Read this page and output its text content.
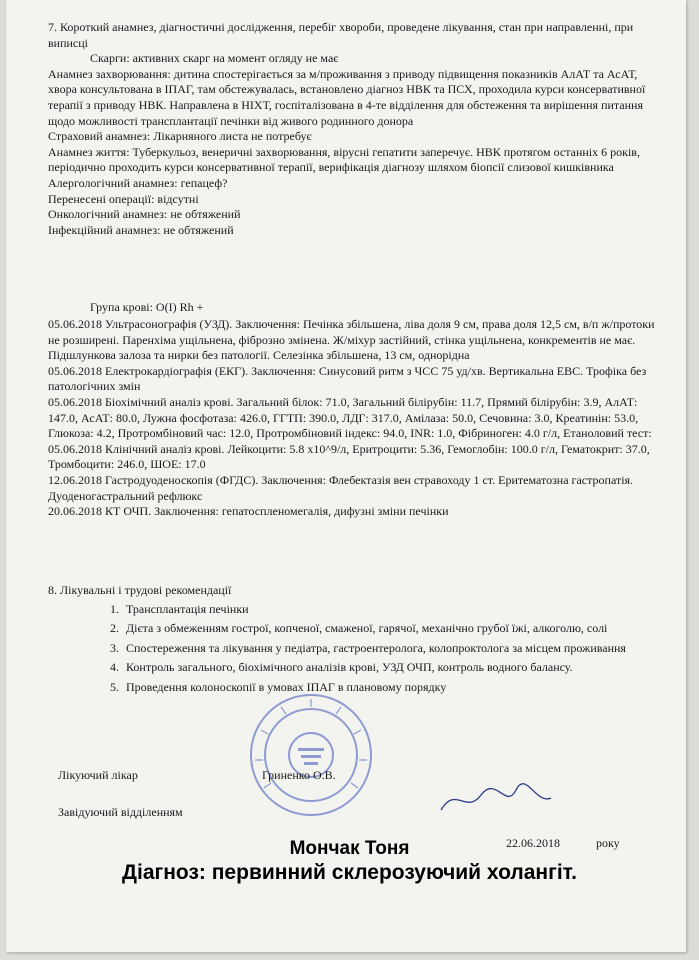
7. Короткий анамнез, діагностичні дослідження, перебіг хвороби, проведене лікування, стан при направленні, при виписці

Скарги: активних скарг на момент огляду не має

Анамнез захворювання: дитина спостерігається за м/проживання з приводу підвищення показників АлАТ та АсАТ, хвора консультована в ІПАГ, там обстежувалась, встановлено діагноз НВК та ПСХ, проходила курси консервативної терапії з приводу НВК. Направлена в НІХТ, госпіталізована в 4-те відділення для обстеження та вирішення питання щодо можливості трансплантації печінки від живого родинного донора

Страховий анамнез: Лікарняного листа не потребує

Анамнез життя: Туберкульоз, венеричні захворювання, вірусні гепатити заперечує. НВК протягом останніх 6 років, періодично проходить курси консервативної терапії, верифікація діагнозу шляхом біопсії слизової кишківника

Алергологічний анамнез: гепацеф?

Перенесені операції: відсутні

Онкологічний анамнез: не обтяжений

Інфекційний анамнез: не обтяжений

Група крові: O(I) Rh +

05.06.2018 Ультрасонографія (УЗД). Заключення: Печінка збільшена, ліва доля 9 см, права доля 12,5 см, в/п ж/протоки не розширені. Паренхіма ущільнена, фіброзно змінена. Ж/міхур застійний, стінка ущільнена, конкрементів не має. Підшлункова залоза та нирки без патології. Селезінка збільшена, 13 см, однорідна

05.06.2018 Електрокардіографія (ЕКГ). Заключення: Синусовий ритм з ЧСС 75 уд/хв. Вертикальна ЕВС. Трофіка без патологічних змін

05.06.2018 Біохімічний аналіз крові. Загальний білок: 71.0, Загальний білірубін: 11.7, Прямий білірубін: 3.9, АлАТ: 147.0, АсАТ: 80.0, Лужна фосфотаза: 426.0, ГГТП: 390.0, ЛДГ: 317.0, Амілаза: 50.0, Сечовина: 3.0, Креатинін: 53.0, Глюкоза: 4.2, Протромбіновий час: 12.0, Протромбіновий індекс: 94.0, INR: 1.0, Фібриноген: 4.0 г/л, Етаноловий тест:

05.06.2018 Клінічний аналіз крові. Лейкоцити: 5.8 x10^9/л, Еритроцити: 5.36, Гемоглобін: 100.0 г/л, Гематокрит: 37.0, Тромбоцити: 246.0, ШОЕ: 17.0

12.06.2018 Гастродуоденоскопія (ФГДС). Заключення: Флебектазія вен стравоходу 1 ст. Еритематозна гастропатія. Дуоденогастральний рефлюкс

20.06.2018 КТ ОЧП. Заключення: гепатоспленомегалія, дифузні зміни печінки

8. Лікувальні і трудові рекомендації

1. Трансплантація печінки
2. Дієта з обмеженням гострої, копченої, смаженої, гарячої, механічно грубої їжі, алкоголю, солі
3. Спостереження та лікування у педіатра, гастроентеролога, колопроктолога за місцем проживання
4. Контроль загального, біохімічного аналізів крові, УЗД ОЧП, контроль водного балансу.
5. Проведення колоноскопії в умовах ІПАГ в плановому порядку
Лікуючий лікар	Гриненко О.В.
Завідуючий відділенням
22.06.2018	року
Мончак Тоня
Діагноз: первинний склерозуючий холангіт.
